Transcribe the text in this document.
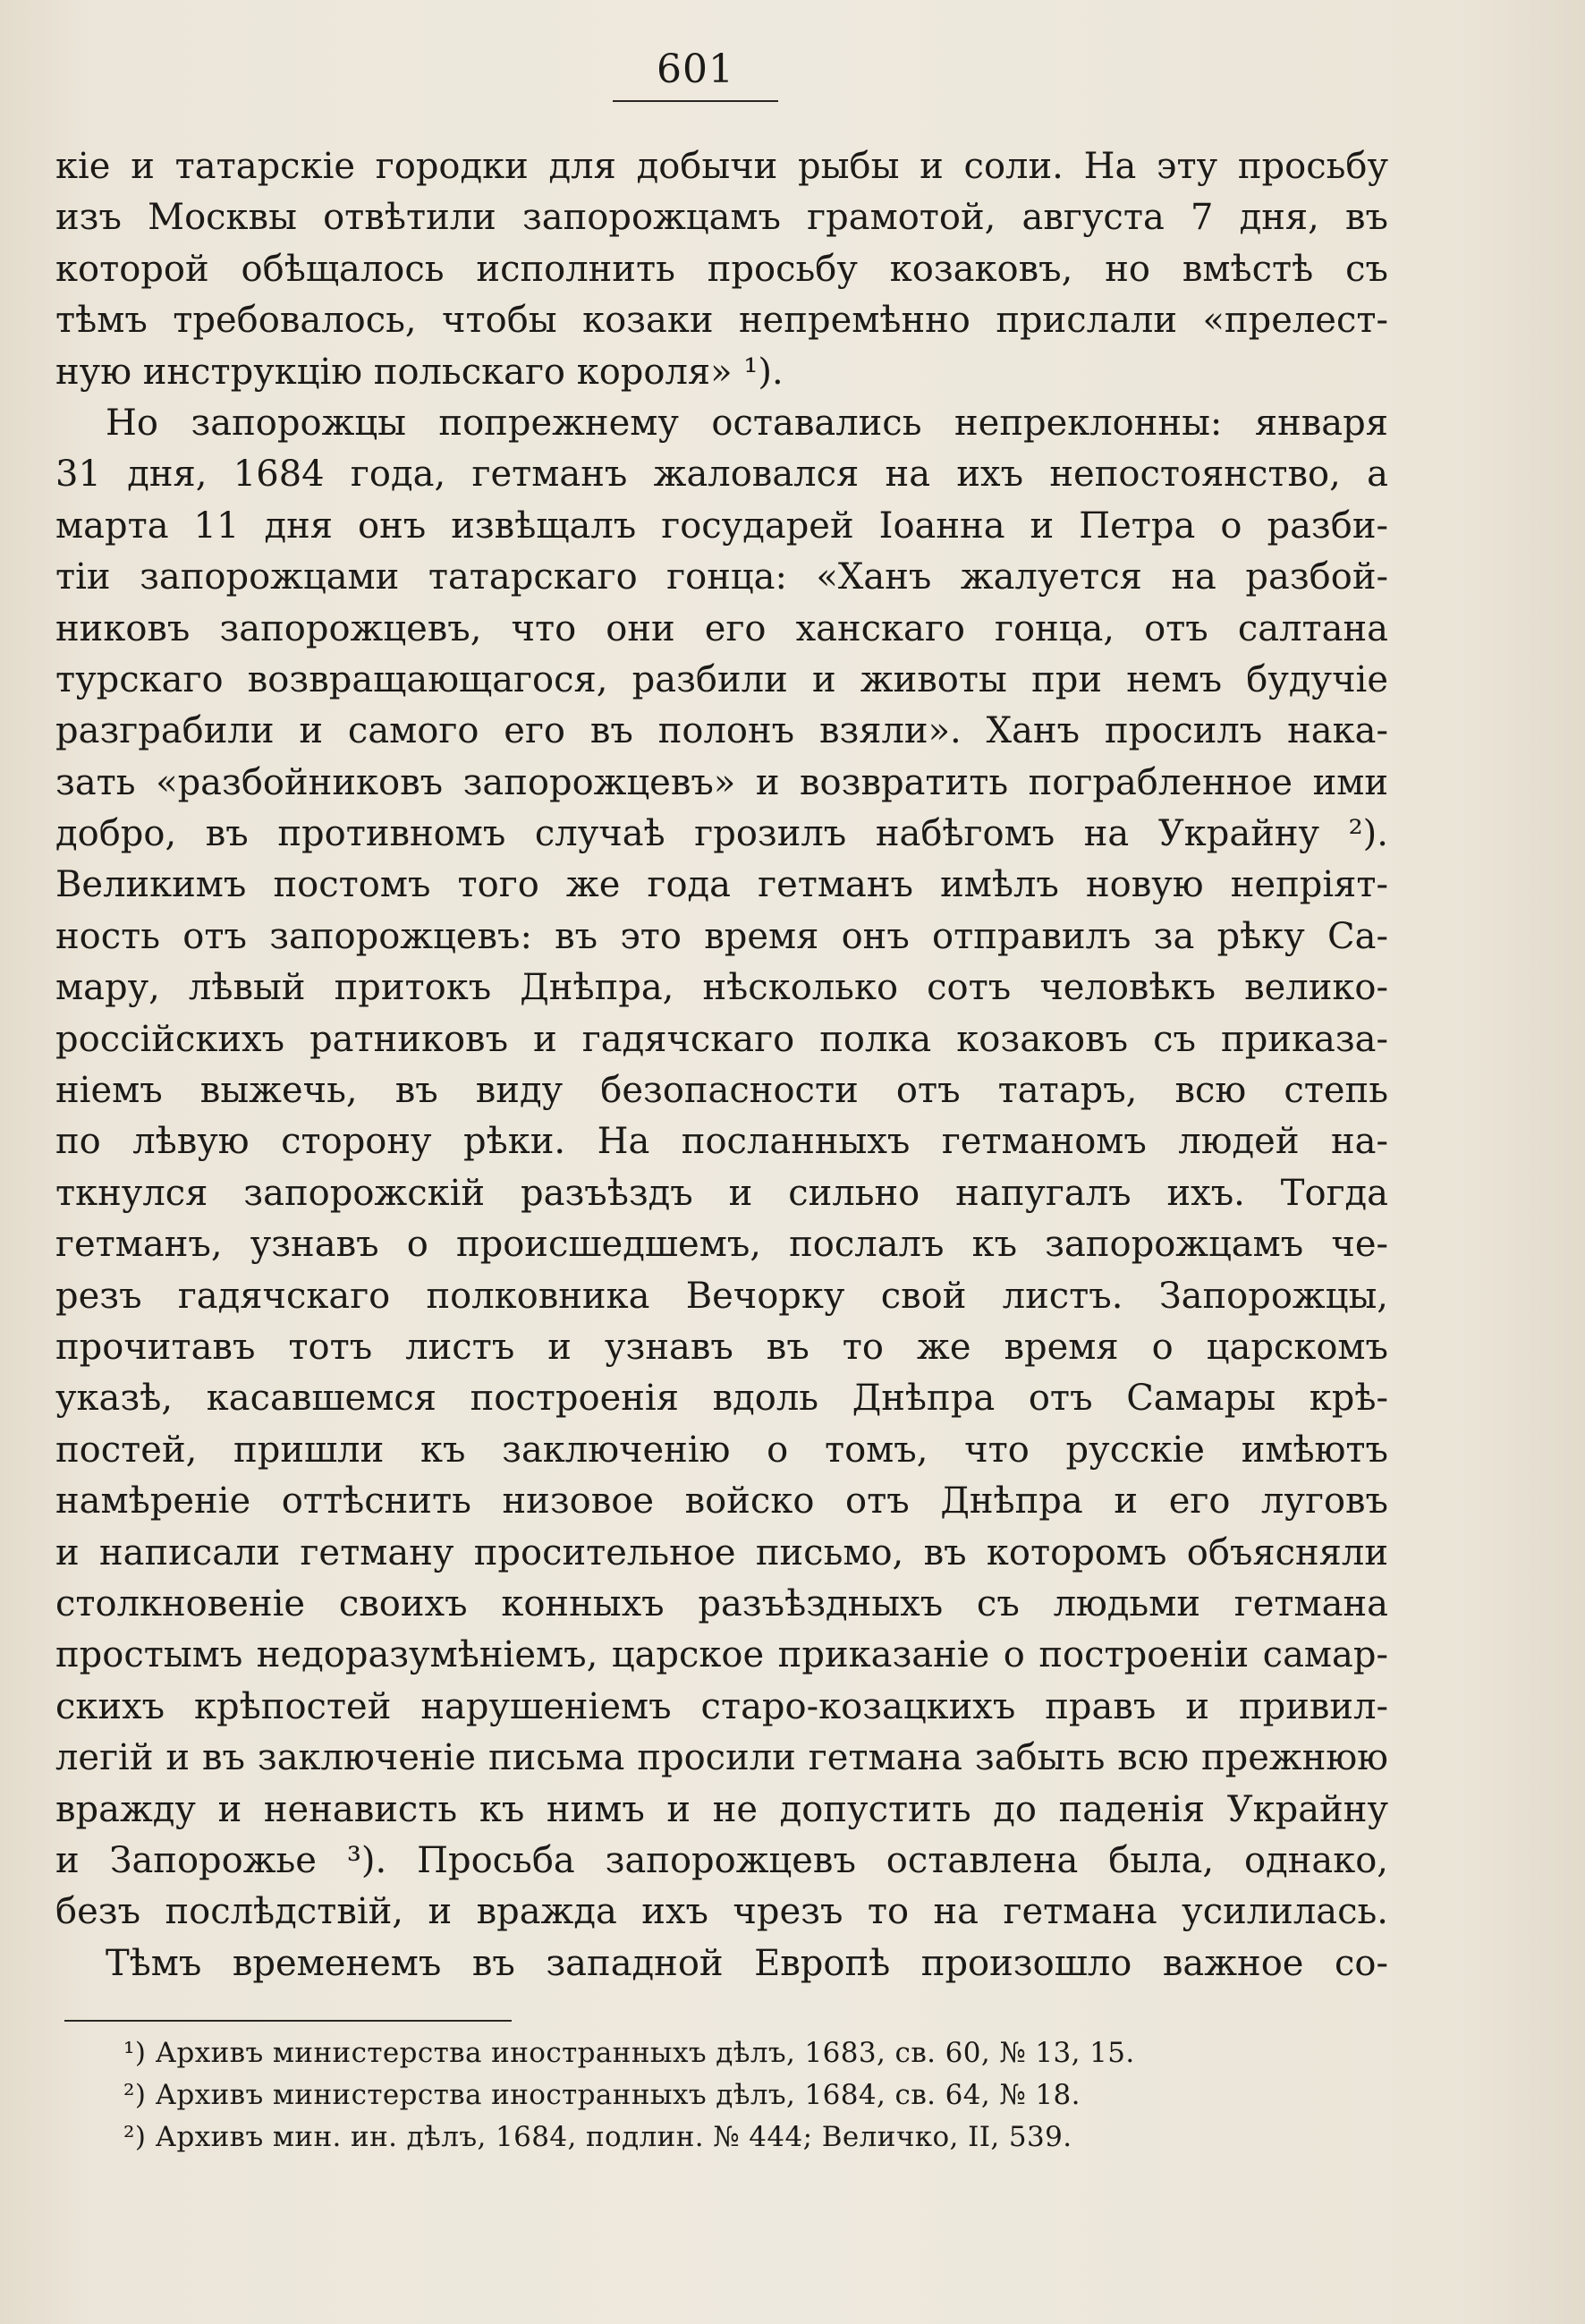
601
кіе и татарскіе городки для добычи рыбы и соли. На эту просьбу
изъ Москвы отвѣтили запорожцамъ грамотой, августа 7 дня, въ
которой обѣщалось исполнить просьбу козаковъ, но вмѣстѣ съ
тѣмъ требовалось, чтобы козаки непремѣнно прислали «прелест-
ную инструкцію польскаго короля» ¹).
Но запорожцы попрежнему оставались непреклонны: января
31 дня, 1684 года, гетманъ жаловался на ихъ непостоянство, а
марта 11 дня онъ извѣщалъ государей Іоанна и Петра о разби-
тіи запорожцами татарскаго гонца: «Ханъ жалуется на разбой-
никовъ запорожцевъ, что они его ханскаго гонца, отъ салтана
турскаго возвращающагося, разбили и животы при немъ будучіе
разграбили и самого его въ полонъ взяли». Ханъ просилъ нака-
зать «разбойниковъ запорожцевъ» и возвратить пограбленное ими
добро, въ противномъ случаѣ грозилъ набѣгомъ на Украйну ²).
Великимъ постомъ того же года гетманъ имѣлъ новую непріят-
ность отъ запорожцевъ: въ это время онъ отправилъ за рѣку Са-
мару, лѣвый притокъ Днѣпра, нѣсколько сотъ человѣкъ велико-
россійскихъ ратниковъ и гадячскаго полка козаковъ съ приказа-
ніемъ выжечь, въ виду безопасности отъ татаръ, всю степь
по лѣвую сторону рѣки. На посланныхъ гетманомъ людей на-
ткнулся запорожскій разъѣздъ и сильно напугалъ ихъ. Тогда
гетманъ, узнавъ о происшедшемъ, послалъ къ запорожцамъ че-
резъ гадячскаго полковника Вечорку свой листъ. Запорожцы,
прочитавъ тотъ листъ и узнавъ въ то же время о царскомъ
указѣ, касавшемся построенія вдоль Днѣпра отъ Самары крѣ-
постей, пришли къ заключенію о томъ, что русскіе имѣютъ
намѣреніе оттѣснить низовое войско отъ Днѣпра и его луговъ
и написали гетману просительное письмо, въ которомъ объясняли
столкновеніе своихъ конныхъ разъѣздныхъ съ людьми гетмана
простымъ недоразумѣніемъ, царское приказаніе о построеніи самар-
скихъ крѣпостей нарушеніемъ старо-козацкихъ правъ и привил-
легій и въ заключеніе письма просили гетмана забыть всю прежнюю
вражду и ненависть къ нимъ и не допустить до паденія Украйну
и Запорожье ³). Просьба запорожцевъ оставлена была, однако,
безъ послѣдствій, и вражда ихъ чрезъ то на гетмана усилилась.
Тѣмъ временемъ въ западной Европѣ произошло важное со-
¹) Архивъ министерства иностранныхъ дѣлъ, 1683, св. 60, № 13, 15.
²) Архивъ министерства иностранныхъ дѣлъ, 1684, св. 64, № 18.
²) Архивъ мин. ин. дѣлъ, 1684, подлин. № 444; Величко, II, 539.
